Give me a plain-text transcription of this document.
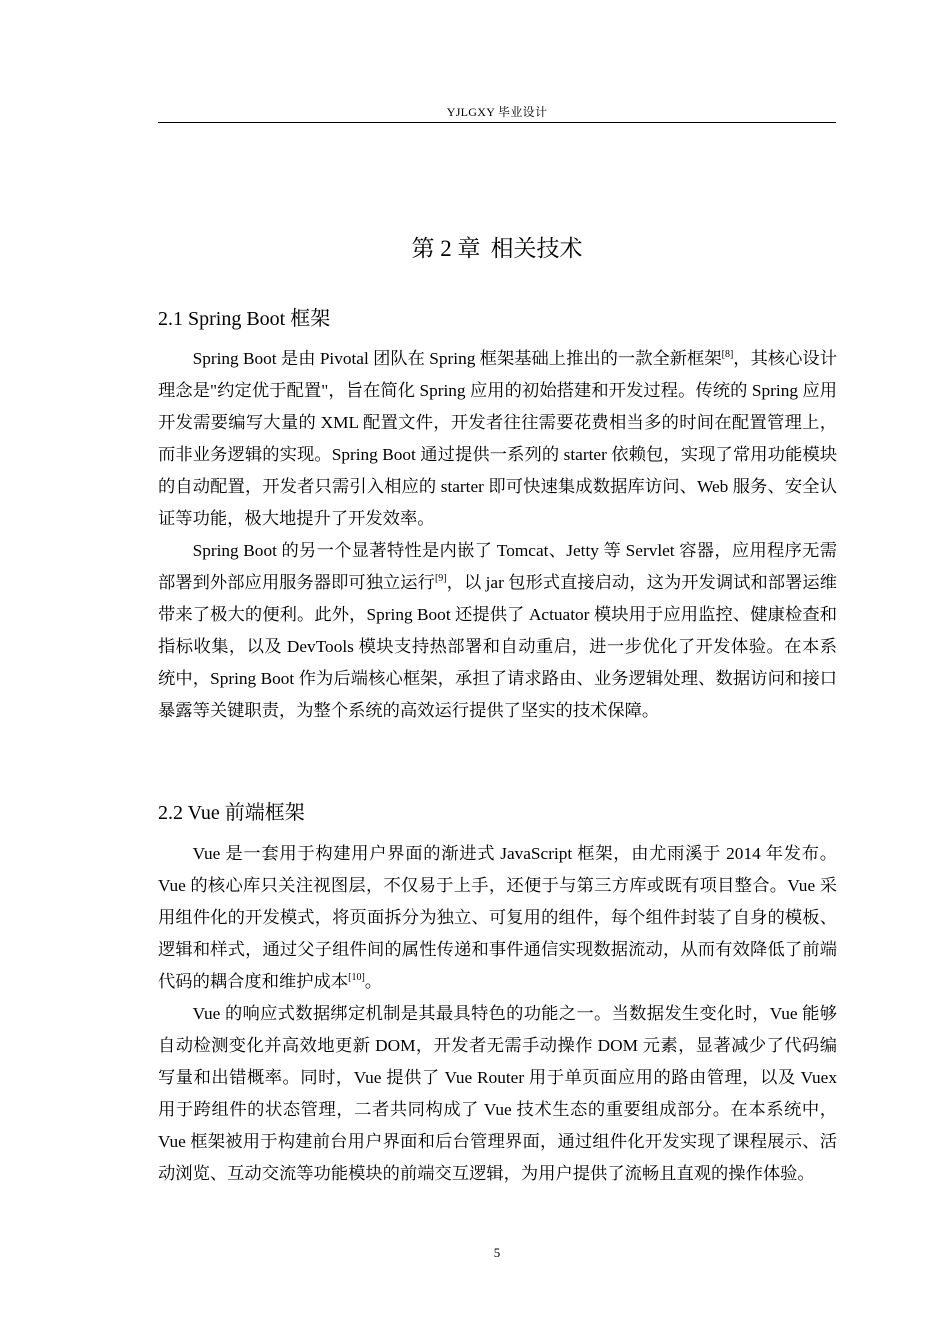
YJLGXY 毕业设计
第 2 章 相关技术
2.1 Spring Boot 框架

Spring Boot 是由 Pivotal 团队在 Spring 框架基础上推出的一款全新框架[8]，其核心设计理念是"约定优于配置"，旨在简化 Spring 应用的初始搭建和开发过程。传统的 Spring 应用开发需要编写大量的 XML 配置文件，开发者往往需要花费相当多的时间在配置管理上，而非业务逻辑的实现。Spring Boot 通过提供一系列的 starter 依赖包，实现了常用功能模块的自动配置，开发者只需引入相应的 starter 即可快速集成数据库访问、Web 服务、安全认证等功能，极大地提升了开发效率。

Spring Boot 的另一个显著特性是内嵌了 Tomcat、Jetty 等 Servlet 容器，应用程序无需部署到外部应用服务器即可独立运行[9]，以 jar 包形式直接启动，这为开发调试和部署运维带来了极大的便利。此外，Spring Boot 还提供了 Actuator 模块用于应用监控、健康检查和指标收集，以及 DevTools 模块支持热部署和自动重启，进一步优化了开发体验。在本系统中，Spring Boot 作为后端核心框架，承担了请求路由、业务逻辑处理、数据访问和接口暴露等关键职责，为整个系统的高效运行提供了坚实的技术保障。

2.2 Vue 前端框架

Vue 是一套用于构建用户界面的渐进式 JavaScript 框架，由尤雨溪于 2014 年发布。Vue 的核心库只关注视图层，不仅易于上手，还便于与第三方库或既有项目整合。Vue 采用组件化的开发模式，将页面拆分为独立、可复用的组件，每个组件封装了自身的模板、逻辑和样式，通过父子组件间的属性传递和事件通信实现数据流动，从而有效降低了前端代码的耦合度和维护成本[10]。

Vue 的响应式数据绑定机制是其最具特色的功能之一。当数据发生变化时，Vue 能够自动检测变化并高效地更新 DOM，开发者无需手动操作 DOM 元素，显著减少了代码编写量和出错概率。同时，Vue 提供了 Vue Router 用于单页面应用的路由管理，以及 Vuex 用于跨组件的状态管理，二者共同构成了 Vue 技术生态的重要组成部分。在本系统中，Vue 框架被用于构建前台用户界面和后台管理界面，通过组件化开发实现了课程展示、活动浏览、互动交流等功能模块的前端交互逻辑，为用户提供了流畅且直观的操作体验。

5
